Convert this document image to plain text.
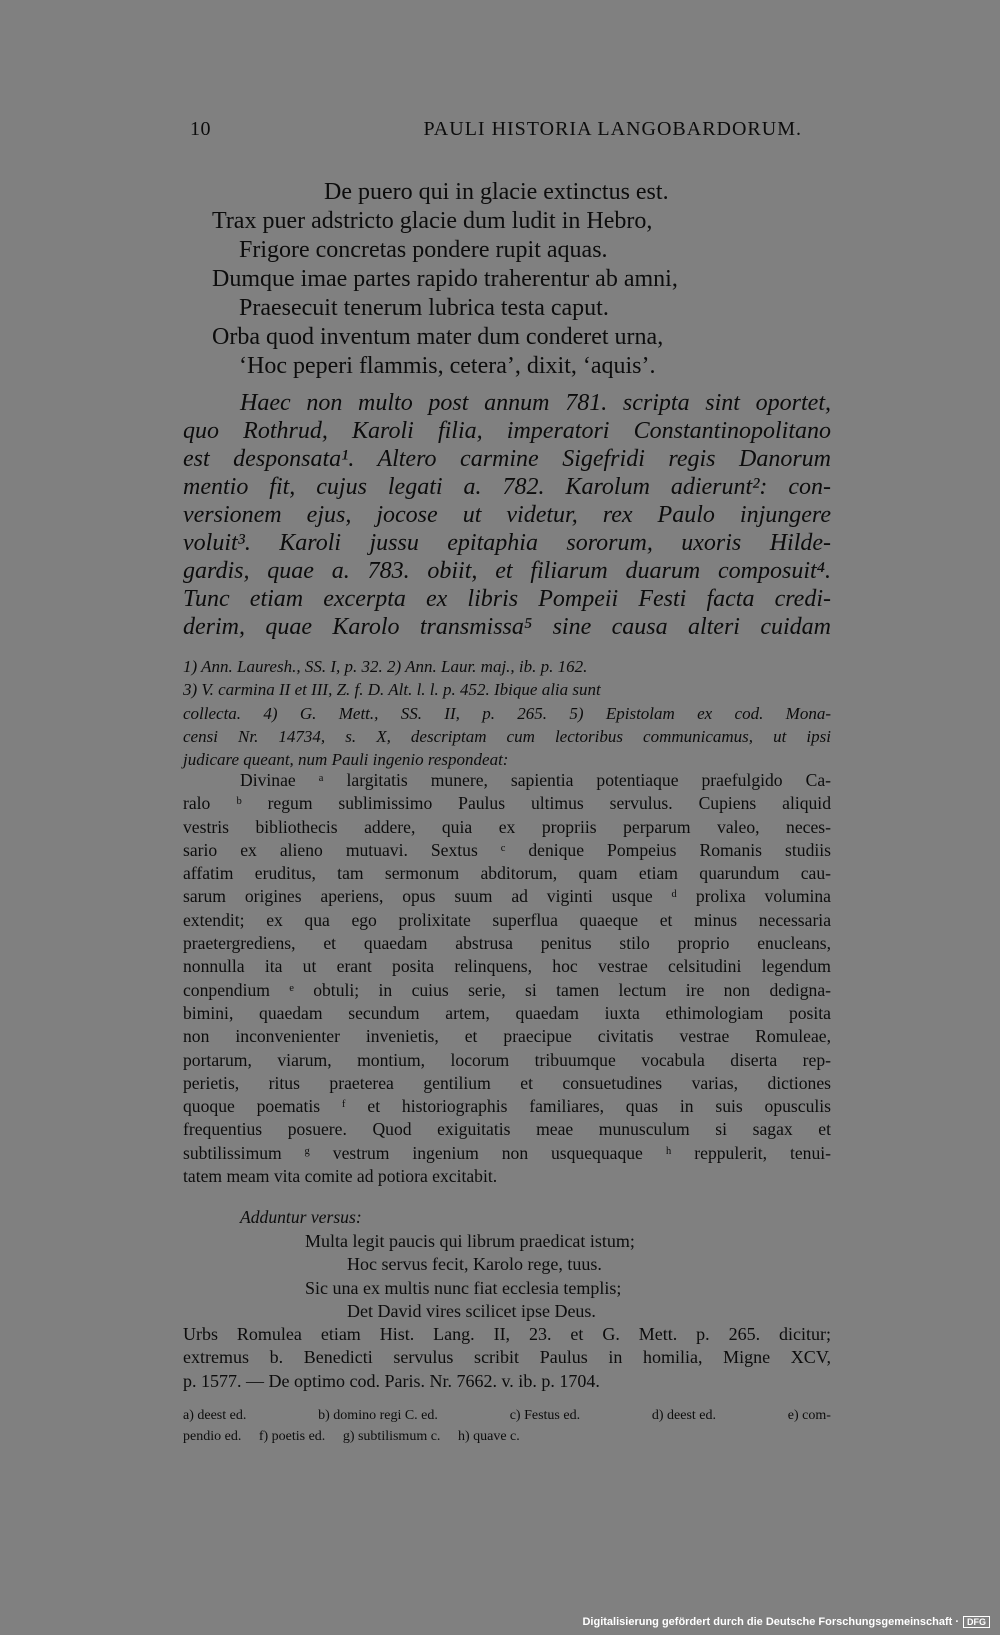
10	PAULI HISTORIA LANGOBARDORUM.
De puero qui in glacie extinctus est.
Trax puer adstricto glacie dum ludit in Hebro,
Frigore concretas pondere rupit aquas.
Dumque imae partes rapido traherentur ab amni,
Praesecuit tenerum lubrica testa caput.
Orba quod inventum mater dum conderet urna,
‘Hoc peperi flammis, cetera’, dixit, ‘aquis’.
Haec non multo post annum 781. scripta sint oportet,
quo Rothrud, Karoli filia, imperatori Constantinopolitano
est desponsata¹. Altero carmine Sigefridi regis Danorum
mentio fit, cujus legati a. 782. Karolum adierunt²: con-
versionem ejus, jocose ut videtur, rex Paulo injungere
voluit³. Karoli jussu epitaphia sororum, uxoris Hilde-
gardis, quae a. 783. obiit, et filiarum duarum composuit⁴.
Tunc etiam excerpta ex libris Pompeii Festi facta credi-
derim, quae Karolo transmissa⁵ sine causa alteri cuidam
1) Ann. Lauresh., SS. I, p. 32. 2) Ann. Laur. maj., ib. p. 162.
3) V. carmina II et III, Z. f. D. Alt. l. l. p. 452. Ibique alia sunt
collecta. 4) G. Mett., SS. II, p. 265. 5) Epistolam ex cod. Mona-
censi Nr. 14734, s. X, descriptam cum lectoribus communicamus, ut ipsi
judicare queant, num Pauli ingenio respondeat:
Divinae ᵃ largitatis munere, sapientia potentiaque praefulgido Ca-
ralo ᵇ regum sublimissimo Paulus ultimus servulus. Cupiens aliquid
vestris bibliothecis addere, quia ex propriis perparum valeo, neces-
sario ex alieno mutuavi. Sextus ᶜ denique Pompeius Romanis studiis
affatim eruditus, tam sermonum abditorum, quam etiam quarundum cau-
sarum origines aperiens, opus suum ad viginti usque ᵈ prolixa volumina
extendit; ex qua ego prolixitate superflua quaeque et minus necessaria
praetergrediens, et quaedam abstrusa penitus stilo proprio enucleans,
nonnulla ita ut erant posita relinquens, hoc vestrae celsitudini legendum
conpendium ᵉ obtuli; in cuius serie, si tamen lectum ire non dedigna-
bimini, quaedam secundum artem, quaedam iuxta ethimologiam posita
non inconvenienter invenietis, et praecipue civitatis vestrae Romuleae,
portarum, viarum, montium, locorum tribuumque vocabula diserta rep-
perietis, ritus praeterea gentilium et consuetudines varias, dictiones
quoque poematis ᶠ et historiographis familiares, quas in suis opusculis
frequentius posuere. Quod exiguitatis meae munusculum si sagax et
subtilissimum ᵍ vestrum ingenium non usquequaque ʰ reppulerit, tenui-
tatem meam vita comite ad potiora excitabit.
Adduntur versus:
Multa legit paucis qui librum praedicat istum;
Hoc servus fecit, Karolo rege, tuus.
Sic una ex multis nunc fiat ecclesia templis;
Det David vires scilicet ipse Deus.
Urbs Romulea etiam Hist. Lang. II, 23. et G. Mett. p. 265. dicitur;
extremus b. Benedicti servulus scribit Paulus in homilia, Migne XCV,
p. 1577. — De optimo cod. Paris. Nr. 7662. v. ib. p. 1704.
a) deest ed.	b) domino regi C. ed.	c) Festus ed.	d) deest ed.	e) com-
pendio ed. f) poetis ed. g) subtilismum c. h) quave c.
Digitalisierung gefördert durch die Deutsche Forschungsgemeinschaft · DFG
